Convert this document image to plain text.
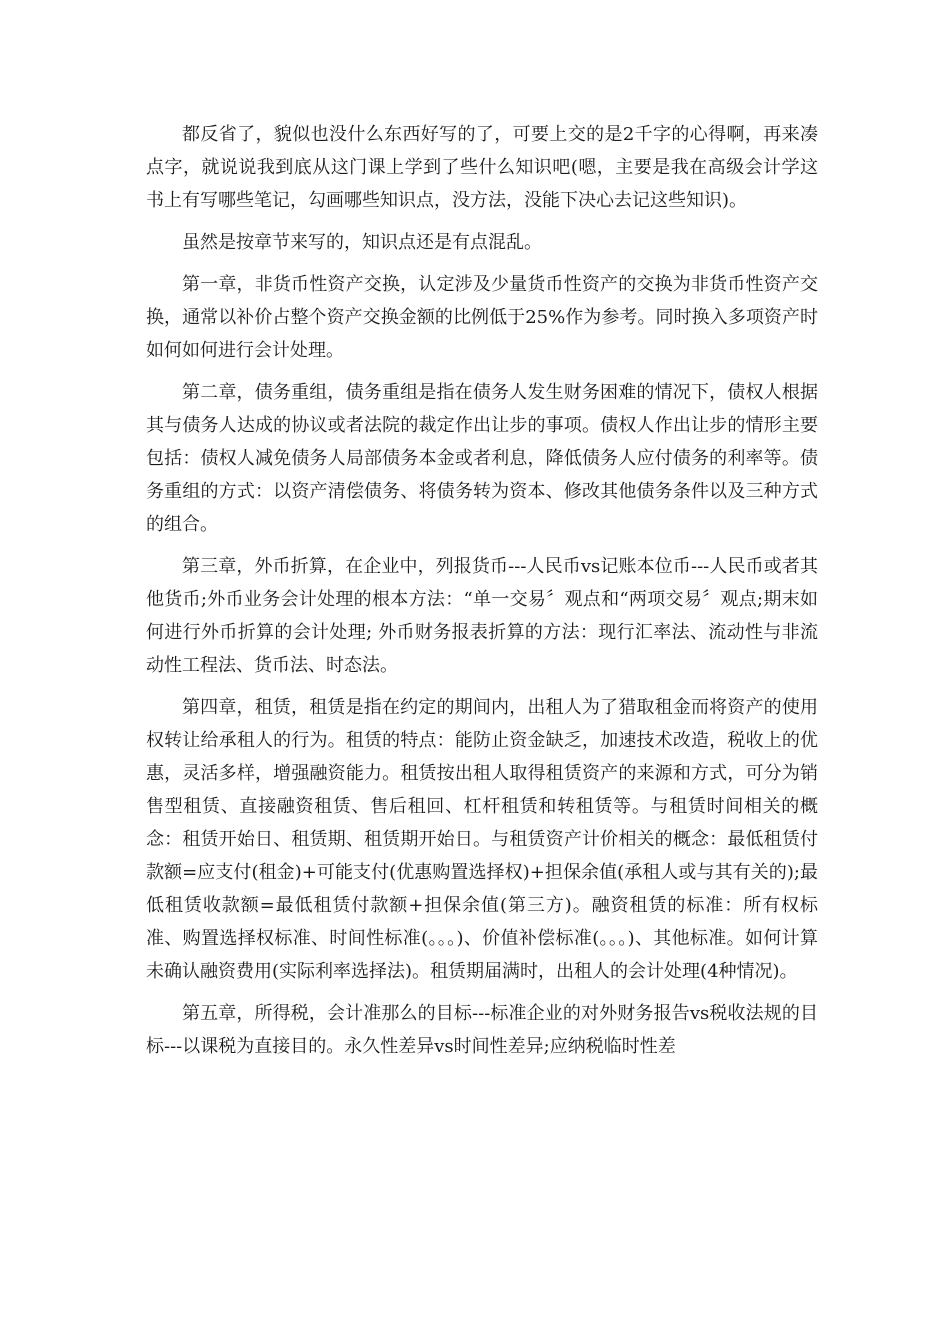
都反省了，貌似也没什么东西好写的了，可要上交的是2千字的心得啊，再来凑点字，就说说我到底从这门课上学到了些什么知识吧(嗯，主要是我在高级会计学这书上有写哪些笔记，勾画哪些知识点，没方法，没能下决心去记这些知识)。

虽然是按章节来写的，知识点还是有点混乱。

第一章，非货币性资产交换，认定涉及少量货币性资产的交换为非货币性资产交换，通常以补价占整个资产交换金额的比例低于25%作为参考。同时换入多项资产时如何如何进行会计处理。

第二章，债务重组，债务重组是指在债务人发生财务困难的情况下，债权人根据其与债务人达成的协议或者法院的裁定作出让步的事项。债权人作出让步的情形主要包括：债权人减免债务人局部债务本金或者利息，降低债务人应付债务的利率等。债务重组的方式：以资产清偿债务、将债务转为资本、修改其他债务条件以及三种方式的组合。

第三章，外币折算，在企业中，列报货币---人民币vs记账本位币---人民币或者其他货币;外币业务会计处理的根本方法：“单一交易〞观点和“两项交易〞观点;期末如何进行外币折算的会计处理; 外币财务报表折算的方法：现行汇率法、流动性与非流动性工程法、货币法、时态法。

第四章，租赁，租赁是指在约定的期间内，出租人为了猎取租金而将资产的使用权转让给承租人的行为。租赁的特点：能防止资金缺乏，加速技术改造，税收上的优惠，灵活多样，增强融资能力。租赁按出租人取得租赁资产的来源和方式，可分为销售型租赁、直接融资租赁、售后租回、杠杆租赁和转租赁等。与租赁时间相关的概念：租赁开始日、租赁期、租赁期开始日。与租赁资产计价相关的概念：最低租赁付款额=应支付(租金)+可能支付(优惠购置选择权)+担保余值(承租人或与其有关的);最低租赁收款额=最低租赁付款额+担保余值(第三方)。融资租赁的标准：所有权标准、购置选择权标准、时间性标准(。。。)、价值补偿标准(。。。)、其他标准。如何计算未确认融资费用(实际利率选择法)。租赁期届满时，出租人的会计处理(4种情况)。

第五章，所得税，会计准那么的目标---标准企业的对外财务报告vs税收法规的目标---以课税为直接目的。永久性差异vs时间性差异;应纳税临时性差
